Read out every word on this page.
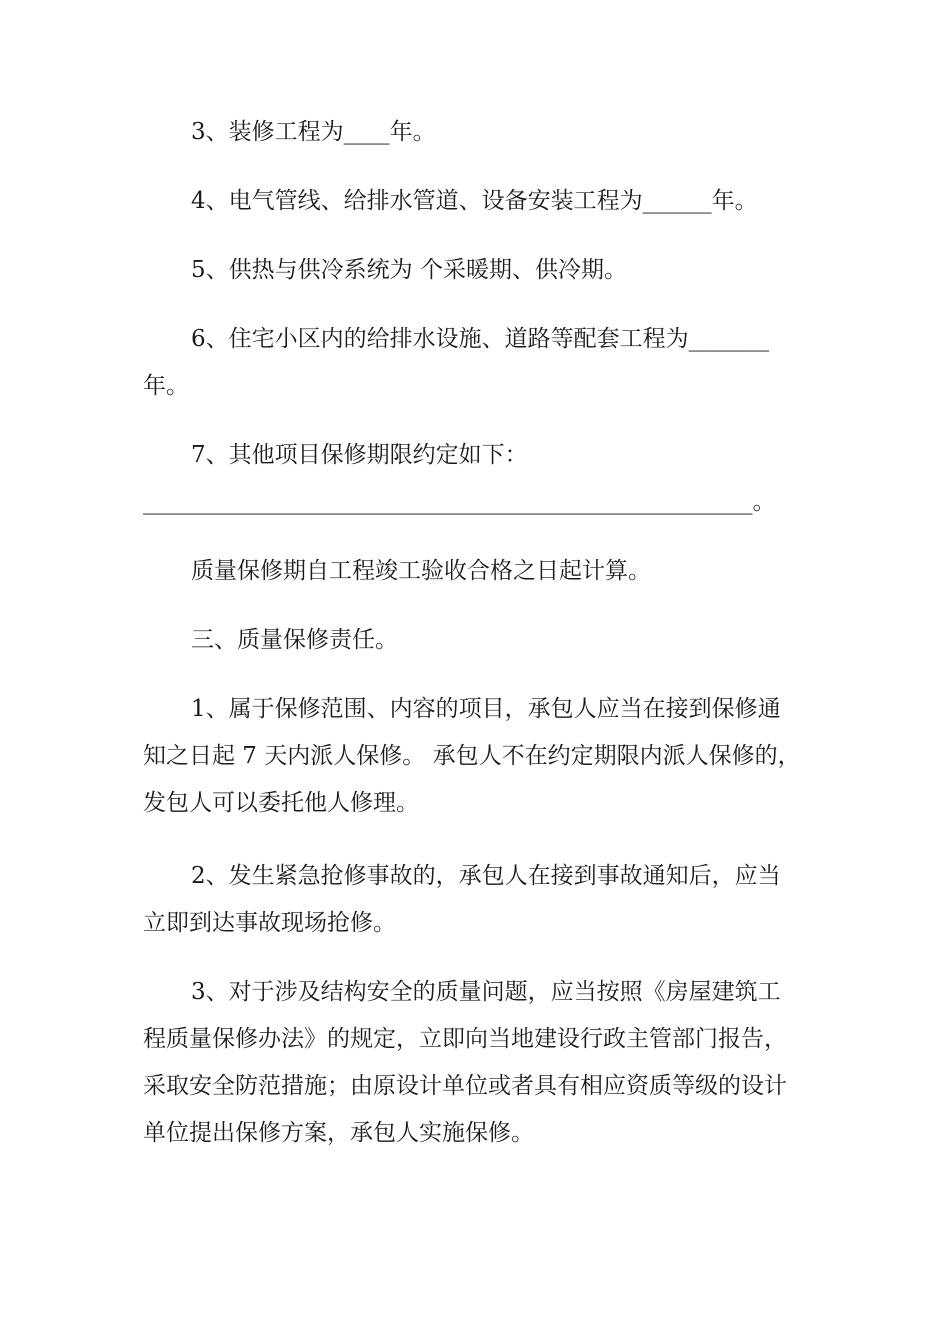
3、装修工程为____年。

4、电气管线、给排水管道、设备安装工程为______年。

5、供热与供冷系统为 个采暖期、供冷期。

6、住宅小区内的给排水设施、道路等配套工程为_______
年。

7、其他项目保修期限约定如下：
_____________________________________________________。

质量保修期自工程竣工验收合格之日起计算。

三、质量保修责任。

1、属于保修范围、内容的项目，承包人应当在接到保修通
知之日起 7 天内派人保修。 承包人不在约定期限内派人保修的，
发包人可以委托他人修理。

2、发生紧急抢修事故的，承包人在接到事故通知后，应当
立即到达事故现场抢修。

3、对于涉及结构安全的质量问题，应当按照《房屋建筑工
程质量保修办法》的规定，立即向当地建设行政主管部门报告，
采取安全防范措施；由原设计单位或者具有相应资质等级的设计
单位提出保修方案，承包人实施保修。
